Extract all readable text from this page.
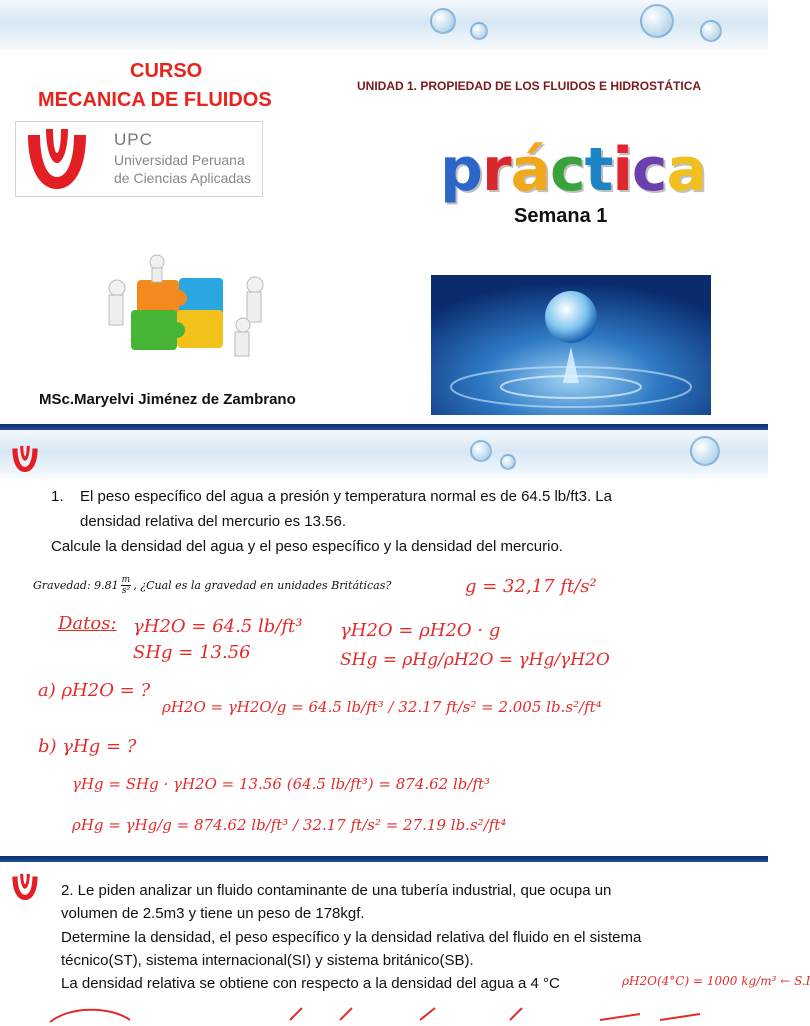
CURSO
MECANICA DE FLUIDOS
UNIDAD 1. PROPIEDAD DE LOS FLUIDOS E HIDROSTÁTICA
UPC
Universidad Peruana
de Ciencias Aplicadas	p r á c t i c a
Semana 1
MSc.Maryelvi Jiménez de Zambrano
1. El peso específico del agua a presión y temperatura normal es de 64.5 lb/ft3. La
densidad relativa del mercurio es 13.56.
Calcule la densidad del agua y el peso específico y la densidad del mercurio.
Gravedad: $9.81 \frac{m}{\text{s²}}$ , ¿Cual es la gravedad en unidades Britáticas?	g = 32,17 ft/s²
Datos: γH2O = 64.5 lb/ft³
SHg = 13.56
γH2O = ρH2O · g
SHg = ρHg/ρH2O = γHg/γH2O
a) ρH2O = ?
ρH2O = γH2O/g = 64.5 lb/ft³ / 32.17 ft/s² = 2.005 lb.s²/ft⁴
b) γHg = ?
γHg = SHg · γH2O = 13.56 (64.5 lb/ft³) = 874.62 lb/ft³
ρHg = γHg/g = 874.62 lb/ft³ / 32.17 ft/s² = 27.19 lb.s²/ft⁴
2. Le piden analizar un fluido contaminante de una tubería industrial, que ocupa un
volumen de 2.5m3 y tiene un peso de 178kgf.
Determine la densidad, el peso específico y la densidad relativa del fluido en el sistema
técnico(ST), sistema internacional(SI) y sistema británico(SB).
La densidad relativa se obtiene con respecto a la densidad del agua a 4 °C	ρH2O(4°C) = 1000 kg/m³ ← S.I
